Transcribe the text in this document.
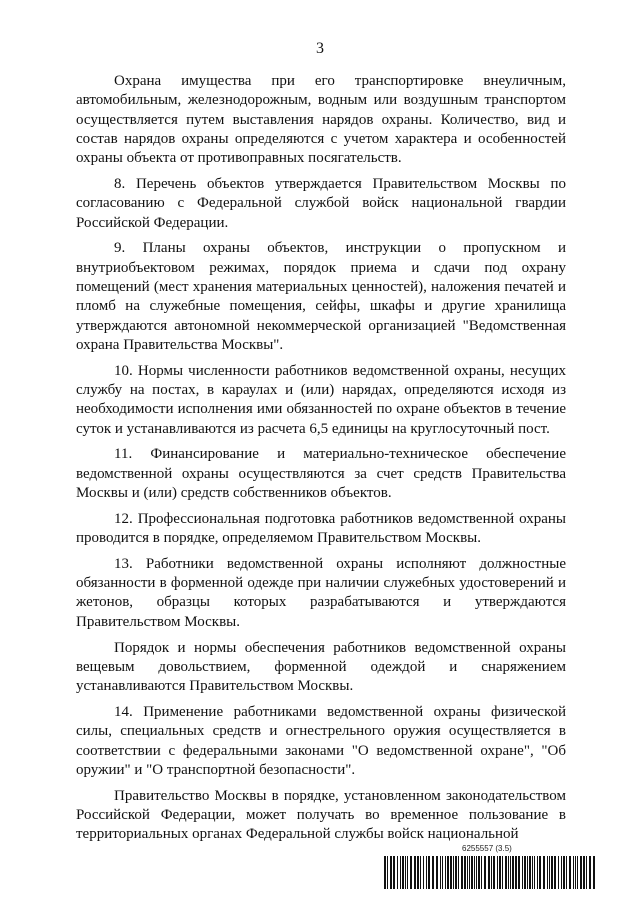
3

Охрана имущества при его транспортировке внеуличным, автомобильным, железнодорожным, водным или воздушным транспортом осуществляется путем выставления нарядов охраны. Количество, вид и состав нарядов охраны определяются с учетом характера и особенностей охраны объекта от противоправных посягательств.

8. Перечень объектов утверждается Правительством Москвы по согласованию с Федеральной службой войск национальной гвардии Российской Федерации.

9. Планы охраны объектов, инструкции о пропускном и внутриобъектовом режимах, порядок приема и сдачи под охрану помещений (мест хранения материальных ценностей), наложения печатей и пломб на служебные помещения, сейфы, шкафы и другие хранилища утверждаются автономной некоммерческой организацией "Ведомственная охрана Правительства Москвы".

10. Нормы численности работников ведомственной охраны, несущих службу на постах, в караулах и (или) нарядах, определяются исходя из необходимости исполнения ими обязанностей по охране объектов в течение суток и устанавливаются из расчета 6,5 единицы на круглосуточный пост.

11. Финансирование и материально-техническое обеспечение ведомственной охраны осуществляются за счет средств Правительства Москвы и (или) средств собственников объектов.

12. Профессиональная подготовка работников ведомственной охраны проводится в порядке, определяемом Правительством Москвы.

13. Работники ведомственной охраны исполняют должностные обязанности в форменной одежде при наличии служебных удостоверений и жетонов, образцы которых разрабатываются и утверждаются Правительством Москвы.

Порядок и нормы обеспечения работников ведомственной охраны вещевым довольствием, форменной одеждой и снаряжением устанавливаются Правительством Москвы.

14. Применение работниками ведомственной охраны физической силы, специальных средств и огнестрельного оружия осуществляется в соответствии с федеральными законами "О ведомственной охране", "Об оружии" и "О транспортной безопасности".

Правительство Москвы в порядке, установленном законодательством Российской Федерации, может получать во временное пользование в территориальных органах Федеральной службы войск национальной

6255557 (3.5)
